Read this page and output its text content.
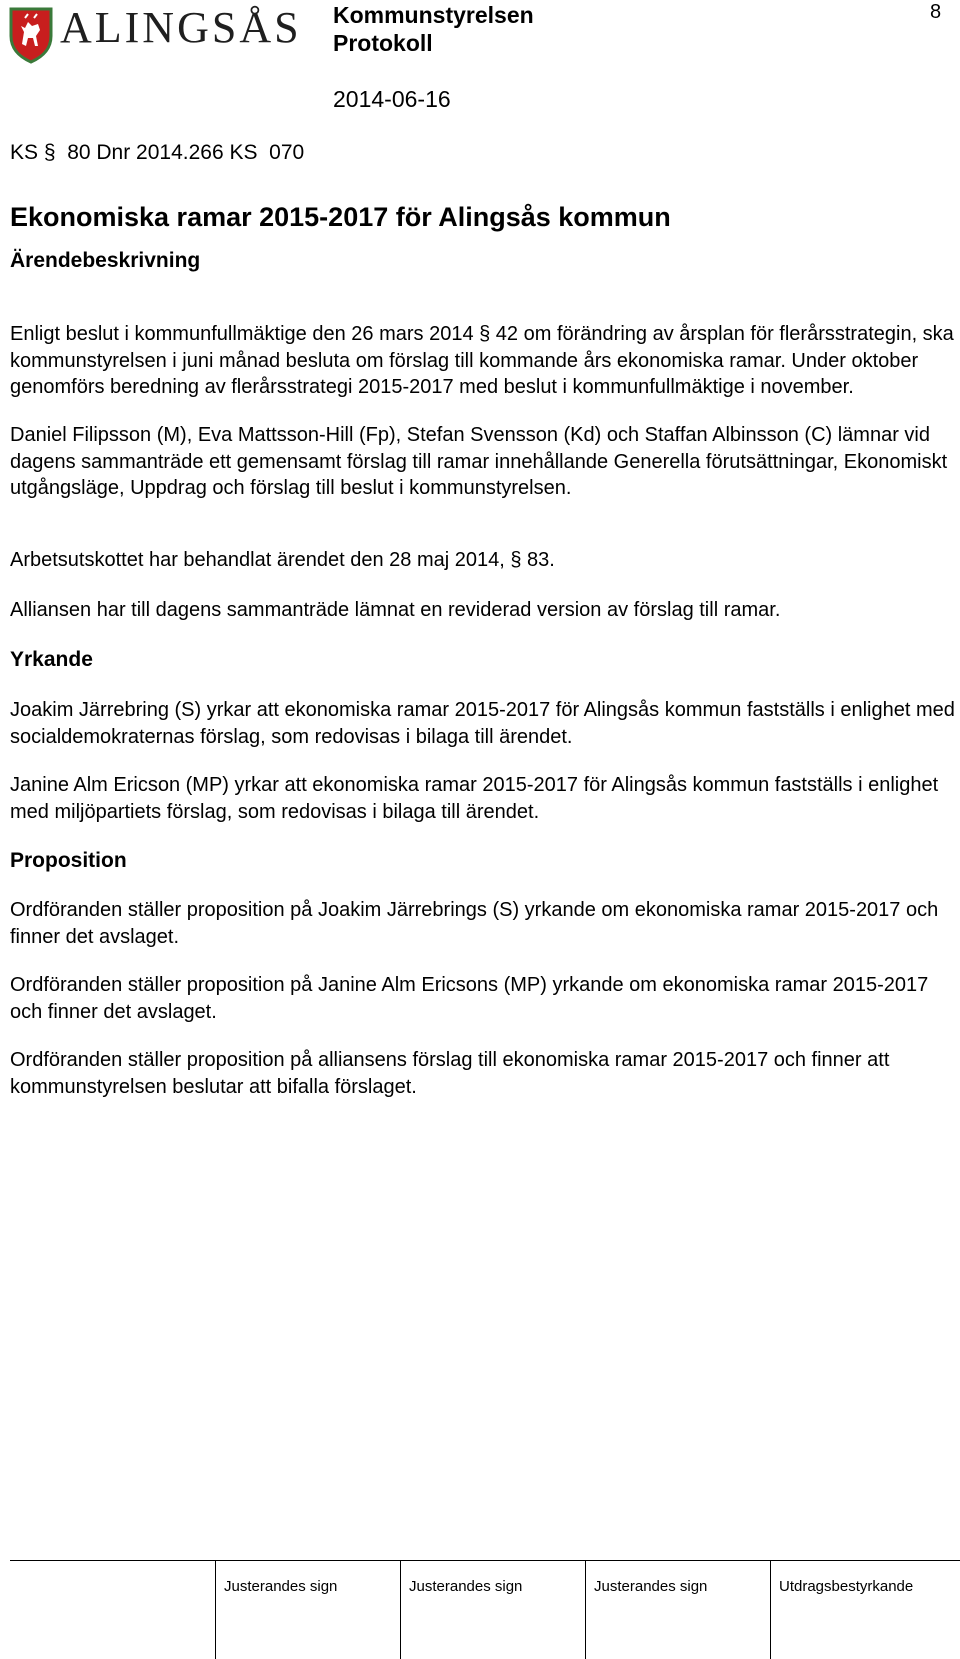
ALINGSÅS Kommunstyrelsen
Protokoll
2014-06-16
8
KS §  80 Dnr 2014.266 KS  070
Ekonomiska ramar 2015-2017 för Alingsås kommun
Ärendebeskrivning
Enligt beslut i kommunfullmäktige den 26 mars 2014 § 42 om förändring av årsplan för flerårsstrategin, ska kommunstyrelsen i juni månad besluta om förslag till kommande års ekonomiska ramar. Under oktober genomförs beredning av flerårsstrategi 2015-2017 med beslut i kommunfullmäktige i november.
Daniel Filipsson (M), Eva Mattsson-Hill (Fp), Stefan Svensson (Kd) och Staffan Albinsson (C) lämnar vid dagens sammanträde ett gemensamt förslag till ramar innehållande Generella förutsättningar, Ekonomiskt utgångsläge, Uppdrag och förslag till beslut i kommunstyrelsen.
Arbetsutskottet har behandlat ärendet den 28 maj 2014, § 83.
Alliansen har till dagens sammanträde lämnat en reviderad version av förslag till ramar.
Yrkande
Joakim Järrebring (S) yrkar att ekonomiska ramar 2015-2017 för Alingsås kommun fastställs i enlighet med socialdemokraternas förslag, som redovisas i bilaga till ärendet.
Janine Alm Ericson (MP) yrkar att ekonomiska ramar 2015-2017 för Alingsås kommun fastställs i enlighet med miljöpartiets förslag, som redovisas i bilaga till ärendet.
Proposition
Ordföranden ställer proposition på Joakim Järrebrings (S) yrkande om ekonomiska ramar 2015-2017 och finner det avslaget.
Ordföranden ställer proposition på Janine Alm Ericsons (MP) yrkande om ekonomiska ramar 2015-2017 och finner det avslaget.
Ordföranden ställer proposition på alliansens förslag till ekonomiska ramar 2015-2017 och finner att kommunstyrelsen beslutar att bifalla förslaget.
Justerandes sign	Justerandes sign	Justerandes sign	Utdragsbestyrkande
